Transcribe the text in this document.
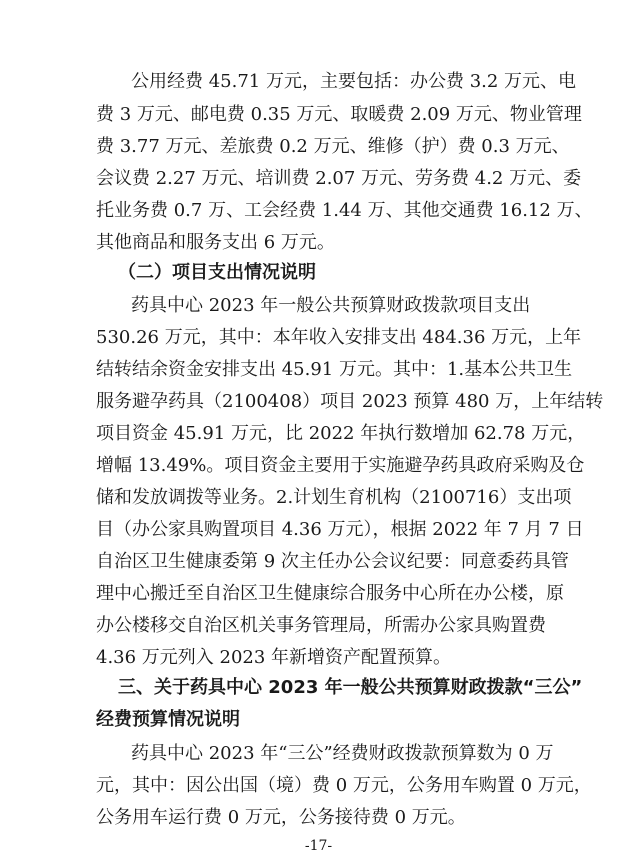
公用经费 45.71 万元，主要包括：办公费 3.2 万元、电
费 3 万元、邮电费 0.35 万元、取暖费 2.09 万元、物业管理
费 3.77 万元、差旅费 0.2 万元、维修（护）费 0.3 万元、
会议费 2.27 万元、培训费 2.07 万元、劳务费 4.2 万元、委
托业务费 0.7 万、工会经费 1.44 万、其他交通费 16.12 万、
其他商品和服务支出 6 万元。
（二）项目支出情况说明
药具中心 2023 年一般公共预算财政拨款项目支出
530.26 万元，其中：本年收入安排支出 484.36 万元，上年
结转结余资金安排支出 45.91 万元。其中：1.基本公共卫生
服务避孕药具（2100408）项目 2023 预算 480 万，上年结转
项目资金 45.91 万元，比 2022 年执行数增加 62.78 万元，
增幅 13.49%。项目资金主要用于实施避孕药具政府采购及仓
储和发放调拨等业务。2.计划生育机构（2100716）支出项
目（办公家具购置项目 4.36 万元），根据 2022 年 7 月 7 日
自治区卫生健康委第 9 次主任办公会议纪要：同意委药具管
理中心搬迁至自治区卫生健康综合服务中心所在办公楼，原
办公楼移交自治区机关事务管理局，所需办公家具购置费
4.36 万元列入 2023 年新增资产配置预算。
三、关于药具中心 2023 年一般公共预算财政拨款“三公”
经费预算情况说明
药具中心 2023 年“三公”经费财政拨款预算数为 0 万
元，其中：因公出国（境）费 0 万元，公务用车购置 0 万元，
公务用车运行费 0 万元，公务接待费 0 万元。
-17-
